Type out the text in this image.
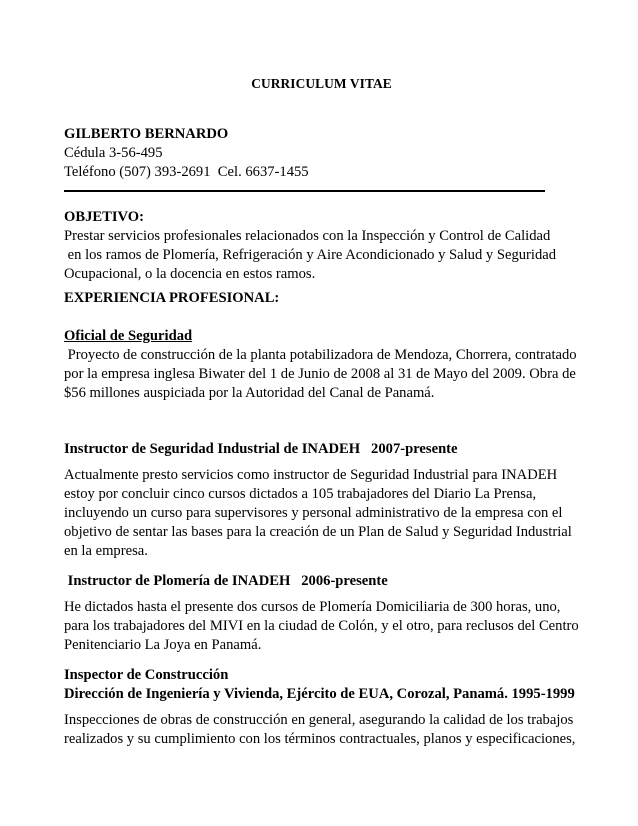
CURRICULUM VITAE

GILBERTO BERNARDO

Cédula 3-56-495

Teléfono (507) 393-2691  Cel. 6637-1455

OBJETIVO:

Prestar servicios profesionales relacionados con la Inspección y Control de Calidad

en los ramos de Plomería, Refrigeración y Aire Acondicionado y Salud y Seguridad

Ocupacional, o la docencia en estos ramos.

EXPERIENCIA PROFESIONAL:

Oficial de Seguridad

Proyecto de construcción de la planta potabilizadora de Mendoza, Chorrera, contratado

por la empresa inglesa Biwater del 1 de Junio de 2008 al 31 de Mayo del 2009. Obra de

$56 millones auspiciada por la Autoridad del Canal de Panamá.

Instructor de Seguridad Industrial de INADEH   2007-presente

Actualmente presto servicios como instructor de Seguridad Industrial para INADEH

estoy por concluir cinco cursos dictados a 105 trabajadores del Diario La Prensa,

incluyendo un curso para supervisores y personal administrativo de la empresa con el

objetivo de sentar las bases para la creación de un Plan de Salud y Seguridad Industrial

en la empresa.

Instructor de Plomería de INADEH   2006-presente

He dictados hasta el presente dos cursos de Plomería Domiciliaria de 300 horas, uno,

para los trabajadores del MIVI en la ciudad de Colón, y el otro, para reclusos del Centro

Penitenciario La Joya en Panamá.

Inspector de Construcción

Dirección de Ingeniería y Vivienda, Ejército de EUA, Corozal, Panamá. 1995-1999

Inspecciones de obras de construcción en general, asegurando la calidad de los trabajos

realizados y su cumplimiento con los términos contractuales, planos y especificaciones,
